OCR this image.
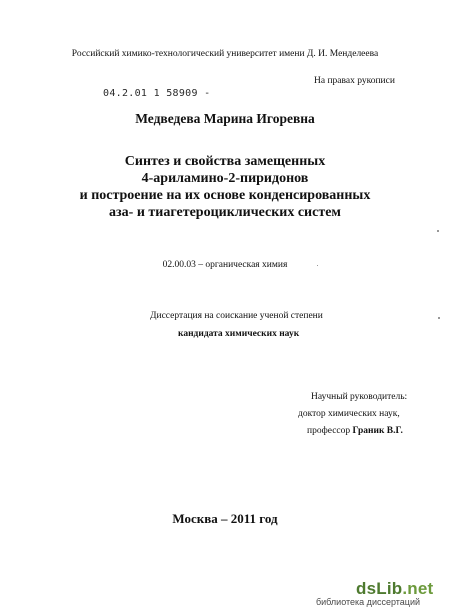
Российский химико-технологический университет имени Д. И. Менделеева
На правах рукописи
04.2.01 1 58909 -
Медведева Марина Игоревна
Синтез и свойства замещенных
4-ариламино-2-пиридонов
и построение на их основе конденсированных
аза- и тиагетероциклических систем
02.00.03 – органическая химия
Диссертация на соискание ученой степени
кандидата химических наук
Научный руководитель:
доктор химических наук,
профессор Граник В.Г.
Москва – 2011 год
dsLib.net
библиотека диссертаций
